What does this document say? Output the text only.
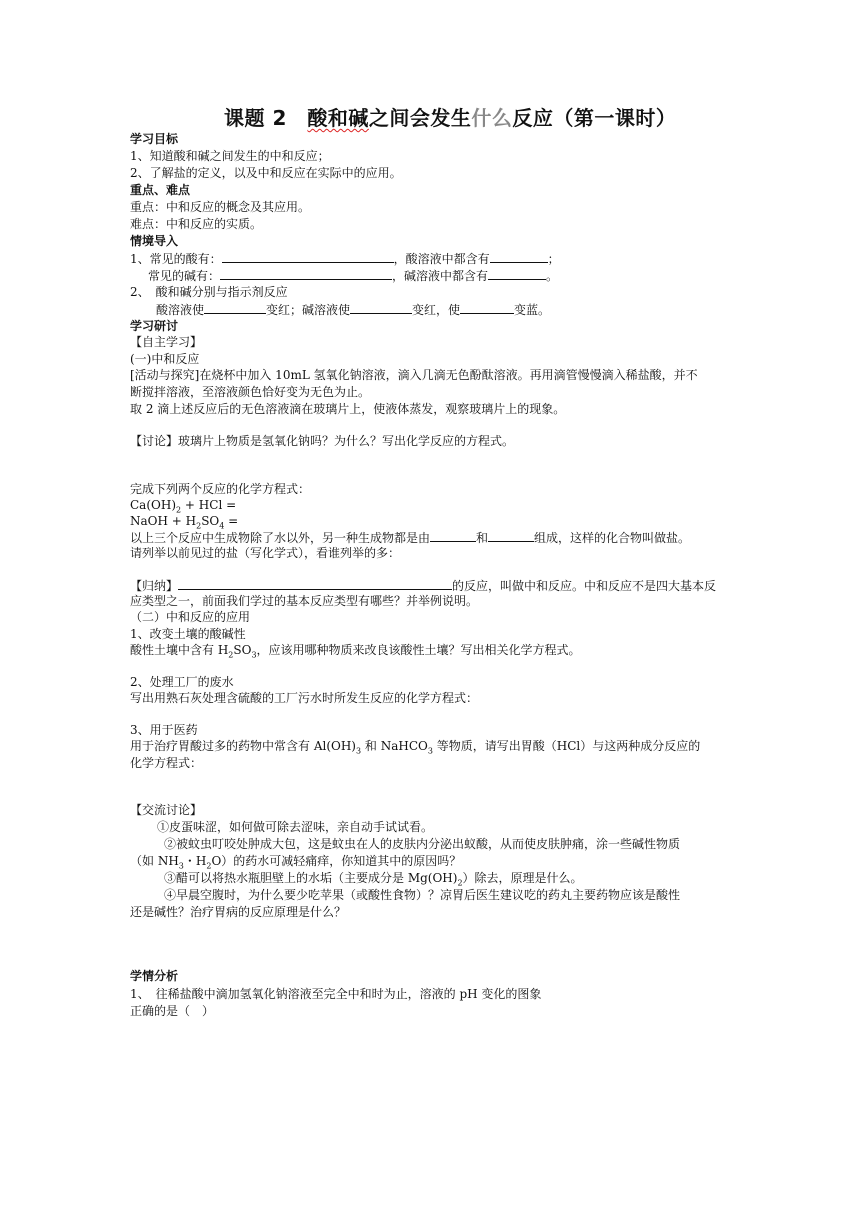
课题 2　酸和碱之间会发生什么反应（第一课时）
学习目标
1、知道酸和碱之间发生的中和反应；
2、了解盐的定义，以及中和反应在实际中的应用。
重点、难点
重点：中和反应的概念及其应用。
难点：中和反应的实质。
情境导入
1、常见的酸有：	，酸溶液中都含有	；
常见的碱有：	，碱溶液中都含有	。
2、　酸和碱分别与指示剂反应
酸溶液使	变红；碱溶液使	变红，使	变蓝。
学习研讨
【自主学习】
(一)中和反应
[活动与探究]在烧杯中加入 10mL 氢氧化钠溶液，滴入几滴无色酚酞溶液。再用滴管慢慢滴入稀盐酸，并不
断搅拌溶液，至溶液颜色恰好变为无色为止。
取 2 滴上述反应后的无色溶液滴在玻璃片上，使液体蒸发，观察玻璃片上的现象。
【讨论】玻璃片上物质是氢氧化钠吗？为什么？写出化学反应的方程式。
完成下列两个反应的化学方程式：
$Ca(OH)_2$ + HCl =
NaOH + $H_2SO_4$ =
以上三个反应中生成物除了水以外，另一种生成物都是由	和	组成，这样的化合物叫做盐。
请列举以前见过的盐（写化学式），看谁列举的多：
【归纳】	的反应，叫做中和反应。中和反应不是四大基本反
应类型之一，前面我们学过的基本反应类型有哪些？并举例说明。
（二）中和反应的应用
1、改变土壤的酸碱性
酸性土壤中含有 $H_2SO_3$，应该用哪种物质来改良该酸性土壤？写出相关化学方程式。
2、处理工厂的废水
写出用熟石灰处理含硫酸的工厂污水时所发生反应的化学方程式：
3、用于医药
用于治疗胃酸过多的药物中常含有 $Al(OH)_3$ 和 NaHCO$_3$ 等物质，请写出胃酸（HCl）与这两种成分反应的
化学方程式：
【交流讨论】
①皮蛋味涩，如何做可除去涩味，亲自动手试试看。
②被蚊虫叮咬处肿成大包，这是蚊虫在人的皮肤内分泌出蚁酸，从而使皮肤肿痛，涂一些碱性物质
（如 $NH_3$・$H_2O$）的药水可减轻痛痒，你知道其中的原因吗？
③醋可以将热水瓶胆壁上的水垢（主要成分是 $Mg(OH)_2$）除去，原理是什么。
④早晨空腹时，为什么要少吃苹果（或酸性食物）？凉胃后医生建议吃的药丸主要药物应该是酸性
还是碱性？治疗胃病的反应原理是什么？
学情分析
1、　往稀盐酸中滴加氢氧化钠溶液至完全中和时为止，溶液的 pH 变化的图象
正确的是（　）
